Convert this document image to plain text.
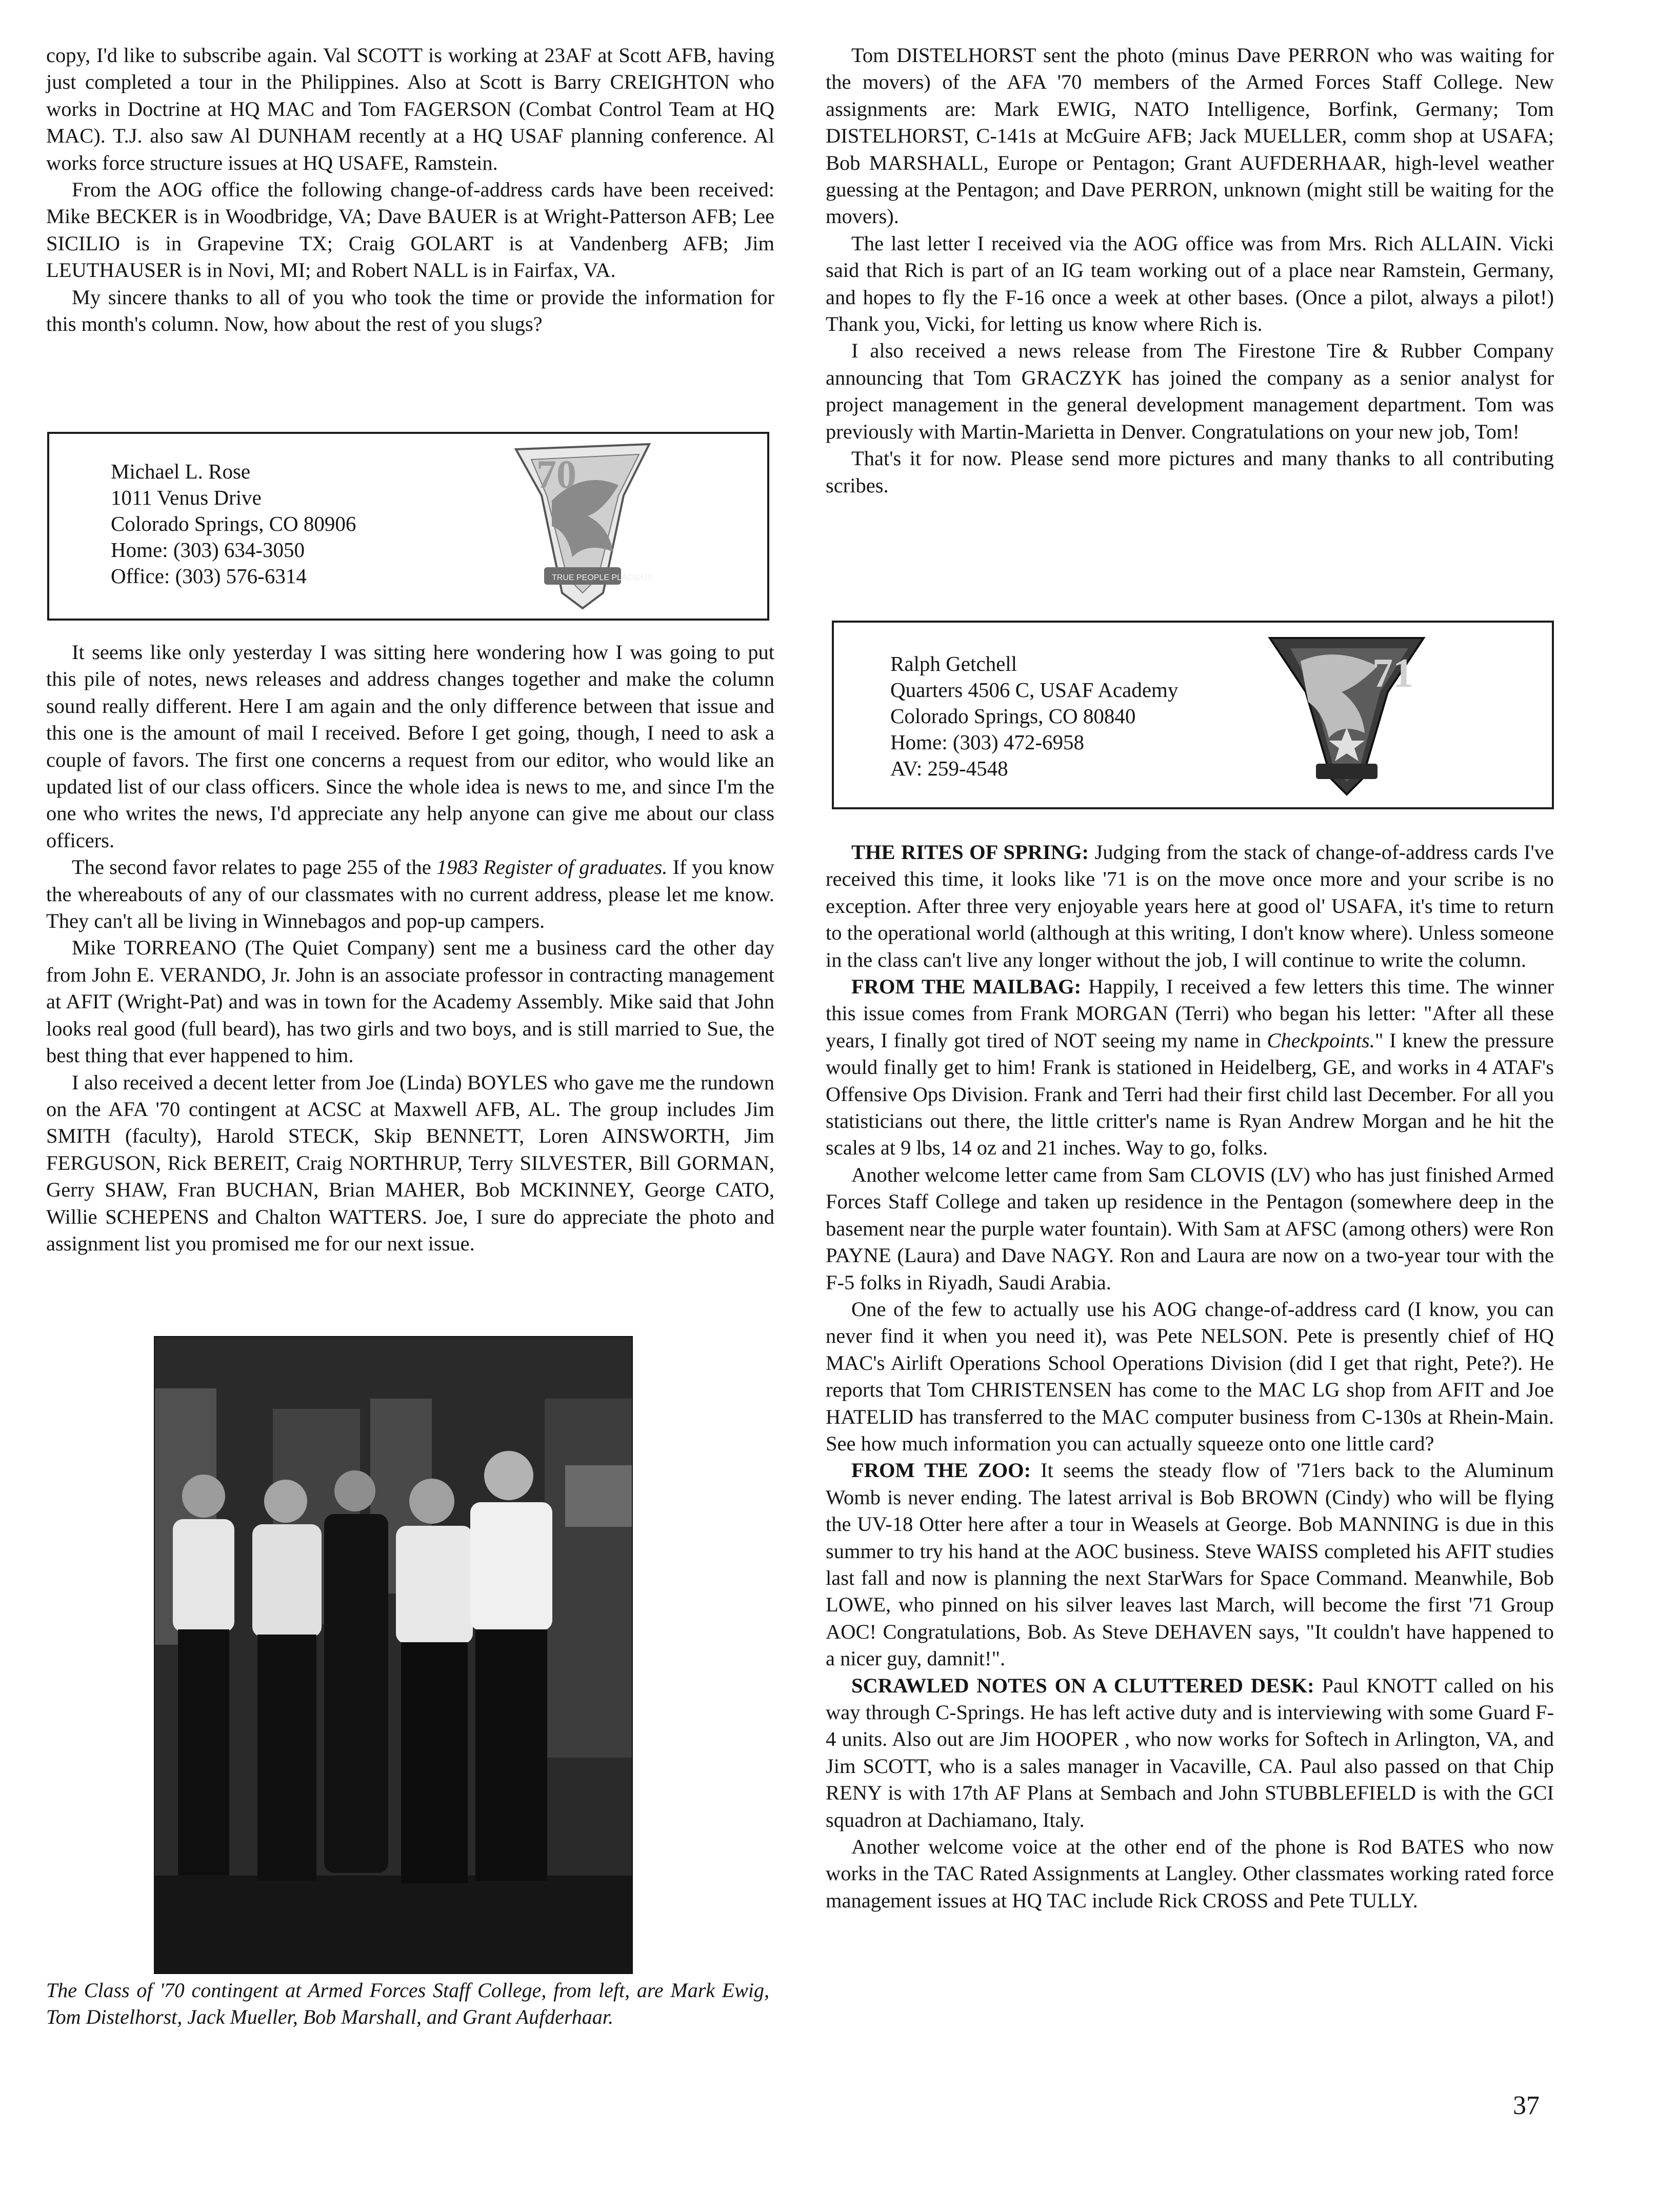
copy, I'd like to subscribe again. Val SCOTT is working at 23AF at Scott AFB, having just completed a tour in the Philippines. Also at Scott is Barry CREIGHTON who works in Doctrine at HQ MAC and Tom FAGERSON (Combat Control Team at HQ MAC). T.J. also saw Al DUNHAM recently at a HQ USAF planning conference. Al works force structure issues at HQ USAFE, Ramstein.

From the AOG office the following change-of-address cards have been received: Mike BECKER is in Woodbridge, VA; Dave BAUER is at Wright-Patterson AFB; Lee SICILIO is in Grapevine TX; Craig GOLART is at Vandenberg AFB; Jim LEUTHAUSER is in Novi, MI; and Robert NALL is in Fairfax, VA.

My sincere thanks to all of you who took the time or provide the information for this month's column. Now, how about the rest of you slugs?

Michael L. Rose
1011 Venus Drive
Colorado Springs, CO 80906
Home: (303) 634-3050
Office: (303) 576-6314
70
TRUE PEOPLE PLACIDUS

It seems like only yesterday I was sitting here wondering how I was going to put this pile of notes, news releases and address changes together and make the column sound really different. Here I am again and the only difference between that issue and this one is the amount of mail I received. Before I get going, though, I need to ask a couple of favors. The first one concerns a request from our editor, who would like an updated list of our class officers. Since the whole idea is news to me, and since I'm the one who writes the news, I'd appreciate any help anyone can give me about our class officers.

The second favor relates to page 255 of the 1983 Register of graduates. If you know the whereabouts of any of our classmates with no current address, please let me know. They can't all be living in Winnebagos and pop-up campers.

Mike TORREANO (The Quiet Company) sent me a business card the other day from John E. VERANDO, Jr. John is an associate professor in contracting management at AFIT (Wright-Pat) and was in town for the Academy Assembly. Mike said that John looks real good (full beard), has two girls and two boys, and is still married to Sue, the best thing that ever happened to him.

I also received a decent letter from Joe (Linda) BOYLES who gave me the rundown on the AFA '70 contingent at ACSC at Maxwell AFB, AL. The group includes Jim SMITH (faculty), Harold STECK, Skip BENNETT, Loren AINSWORTH, Jim FERGUSON, Rick BEREIT, Craig NORTHRUP, Terry SILVESTER, Bill GORMAN, Gerry SHAW, Fran BUCHAN, Brian MAHER, Bob MCKINNEY, George CATO, Willie SCHEPENS and Chalton WATTERS. Joe, I sure do appreciate the photo and assignment list you promised me for our next issue.

The Class of '70 contingent at Armed Forces Staff College, from left, are Mark Ewig, Tom Distelhorst, Jack Mueller, Bob Marshall, and Grant Aufderhaar.

Tom DISTELHORST sent the photo (minus Dave PERRON who was waiting for the movers) of the AFA '70 members of the Armed Forces Staff College. New assignments are: Mark EWIG, NATO Intelligence, Borfink, Germany; Tom DISTELHORST, C-141s at McGuire AFB; Jack MUELLER, comm shop at USAFA; Bob MARSHALL, Europe or Pentagon; Grant AUFDERHAAR, high-level weather guessing at the Pentagon; and Dave PERRON, unknown (might still be waiting for the movers).

The last letter I received via the AOG office was from Mrs. Rich ALLAIN. Vicki said that Rich is part of an IG team working out of a place near Ramstein, Germany, and hopes to fly the F-16 once a week at other bases. (Once a pilot, always a pilot!) Thank you, Vicki, for letting us know where Rich is.

I also received a news release from The Firestone Tire & Rubber Company announcing that Tom GRACZYK has joined the company as a senior analyst for project management in the general development management department. Tom was previously with Martin-Marietta in Denver. Congratulations on your new job, Tom!

That's it for now. Please send more pictures and many thanks to all contributing scribes.

Ralph Getchell
Quarters 4506 C, USAF Academy
Colorado Springs, CO 80840
Home: (303) 472-6958
AV: 259-4548
71

THE RITES OF SPRING: Judging from the stack of change-of-address cards I've received this time, it looks like '71 is on the move once more and your scribe is no exception. After three very enjoyable years here at good ol' USAFA, it's time to return to the operational world (although at this writing, I don't know where). Unless someone in the class can't live any longer without the job, I will continue to write the column.

FROM THE MAILBAG: Happily, I received a few letters this time. The winner this issue comes from Frank MORGAN (Terri) who began his letter: "After all these years, I finally got tired of NOT seeing my name in Checkpoints." I knew the pressure would finally get to him! Frank is stationed in Heidelberg, GE, and works in 4 ATAF's Offensive Ops Division. Frank and Terri had their first child last December. For all you statisticians out there, the little critter's name is Ryan Andrew Morgan and he hit the scales at 9 lbs, 14 oz and 21 inches. Way to go, folks.

Another welcome letter came from Sam CLOVIS (LV) who has just finished Armed Forces Staff College and taken up residence in the Pentagon (somewhere deep in the basement near the purple water fountain). With Sam at AFSC (among others) were Ron PAYNE (Laura) and Dave NAGY. Ron and Laura are now on a two-year tour with the F-5 folks in Riyadh, Saudi Arabia.

One of the few to actually use his AOG change-of-address card (I know, you can never find it when you need it), was Pete NELSON. Pete is presently chief of HQ MAC's Airlift Operations School Operations Division (did I get that right, Pete?). He reports that Tom CHRISTENSEN has come to the MAC LG shop from AFIT and Joe HATELID has transferred to the MAC computer business from C-130s at Rhein-Main. See how much information you can actually squeeze onto one little card?

FROM THE ZOO: It seems the steady flow of '71ers back to the Aluminum Womb is never ending. The latest arrival is Bob BROWN (Cindy) who will be flying the UV-18 Otter here after a tour in Weasels at George. Bob MANNING is due in this summer to try his hand at the AOC business. Steve WAISS completed his AFIT studies last fall and now is planning the next StarWars for Space Command. Meanwhile, Bob LOWE, who pinned on his silver leaves last March, will become the first '71 Group AOC! Congratulations, Bob. As Steve DEHAVEN says, "It couldn't have happened to a nicer guy, damnit!".

SCRAWLED NOTES ON A CLUTTERED DESK: Paul KNOTT called on his way through C-Springs. He has left active duty and is interviewing with some Guard F-4 units. Also out are Jim HOOPER , who now works for Softech in Arlington, VA, and Jim SCOTT, who is a sales manager in Vacaville, CA. Paul also passed on that Chip RENY is with 17th AF Plans at Sembach and John STUBBLEFIELD is with the GCI squadron at Dachiamano, Italy.

Another welcome voice at the other end of the phone is Rod BATES who now works in the TAC Rated Assignments at Langley. Other classmates working rated force management issues at HQ TAC include Rick CROSS and Pete TULLY.

37
